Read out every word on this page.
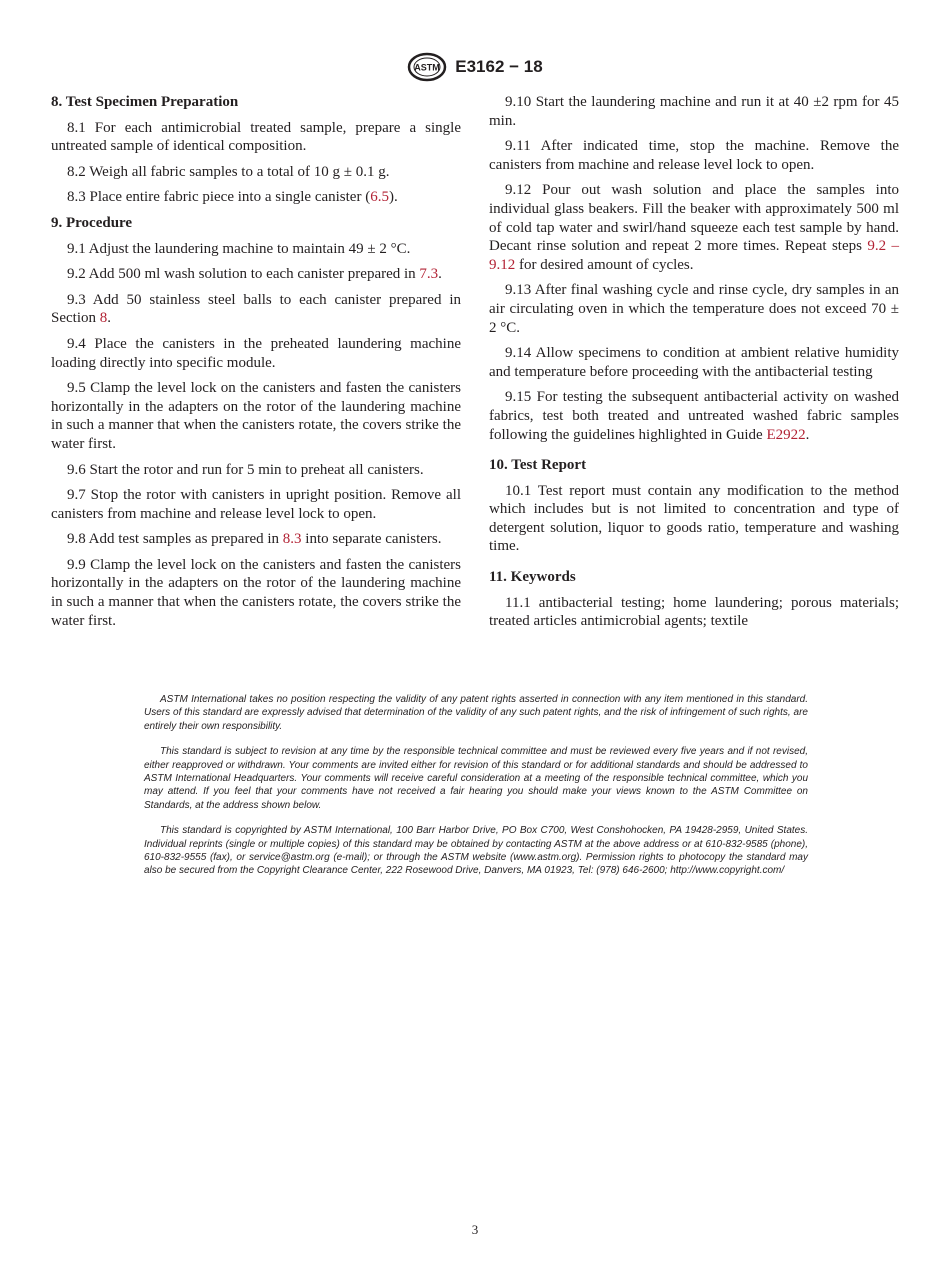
ASTM E3162 − 18
8. Test Specimen Preparation

8.1 For each antimicrobial treated sample, prepare a single untreated sample of identical composition.

8.2 Weigh all fabric samples to a total of 10 g ± 0.1 g.

8.3 Place entire fabric piece into a single canister (6.5).

9. Procedure

9.1 Adjust the laundering machine to maintain 49 ± 2 °C.

9.2 Add 500 ml wash solution to each canister prepared in 7.3.

9.3 Add 50 stainless steel balls to each canister prepared in Section 8.

9.4 Place the canisters in the preheated laundering machine loading directly into specific module.

9.5 Clamp the level lock on the canisters and fasten the canisters horizontally in the adapters on the rotor of the laundering machine in such a manner that when the canisters rotate, the covers strike the water first.

9.6 Start the rotor and run for 5 min to preheat all canisters.

9.7 Stop the rotor with canisters in upright position. Remove all canisters from machine and release level lock to open.

9.8 Add test samples as prepared in 8.3 into separate canisters.

9.9 Clamp the level lock on the canisters and fasten the canisters horizontally in the adapters on the rotor of the laundering machine in such a manner that when the canisters rotate, the covers strike the water first.

9.10 Start the laundering machine and run it at 40 ±2 rpm for 45 min.

9.11 After indicated time, stop the machine. Remove the canisters from machine and release level lock to open.

9.12 Pour out wash solution and place the samples into individual glass beakers. Fill the beaker with approximately 500 ml of cold tap water and swirl/hand squeeze each test sample by hand. Decant rinse solution and repeat 2 more times. Repeat steps 9.2 – 9.12 for desired amount of cycles.

9.13 After final washing cycle and rinse cycle, dry samples in an air circulating oven in which the temperature does not exceed 70 ± 2 °C.

9.14 Allow specimens to condition at ambient relative humidity and temperature before proceeding with the antibacterial testing

9.15 For testing the subsequent antibacterial activity on washed fabrics, test both treated and untreated washed fabric samples following the guidelines highlighted in Guide E2922.

10. Test Report

10.1 Test report must contain any modification to the method which includes but is not limited to concentration and type of detergent solution, liquor to goods ratio, temperature and washing time.

11. Keywords

11.1 antibacterial testing; home laundering; porous materials; treated articles antimicrobial agents; textile

ASTM International takes no position respecting the validity of any patent rights asserted in connection with any item mentioned in this standard. Users of this standard are expressly advised that determination of the validity of any such patent rights, and the risk of infringement of such rights, are entirely their own responsibility.

This standard is subject to revision at any time by the responsible technical committee and must be reviewed every five years and if not revised, either reapproved or withdrawn. Your comments are invited either for revision of this standard or for additional standards and should be addressed to ASTM International Headquarters. Your comments will receive careful consideration at a meeting of the responsible technical committee, which you may attend. If you feel that your comments have not received a fair hearing you should make your views known to the ASTM Committee on Standards, at the address shown below.

This standard is copyrighted by ASTM International, 100 Barr Harbor Drive, PO Box C700, West Conshohocken, PA 19428-2959, United States. Individual reprints (single or multiple copies) of this standard may be obtained by contacting ASTM at the above address or at 610-832-9585 (phone), 610-832-9555 (fax), or service@astm.org (e-mail); or through the ASTM website (www.astm.org). Permission rights to photocopy the standard may also be secured from the Copyright Clearance Center, 222 Rosewood Drive, Danvers, MA 01923, Tel: (978) 646-2600; http://www.copyright.com/

3
